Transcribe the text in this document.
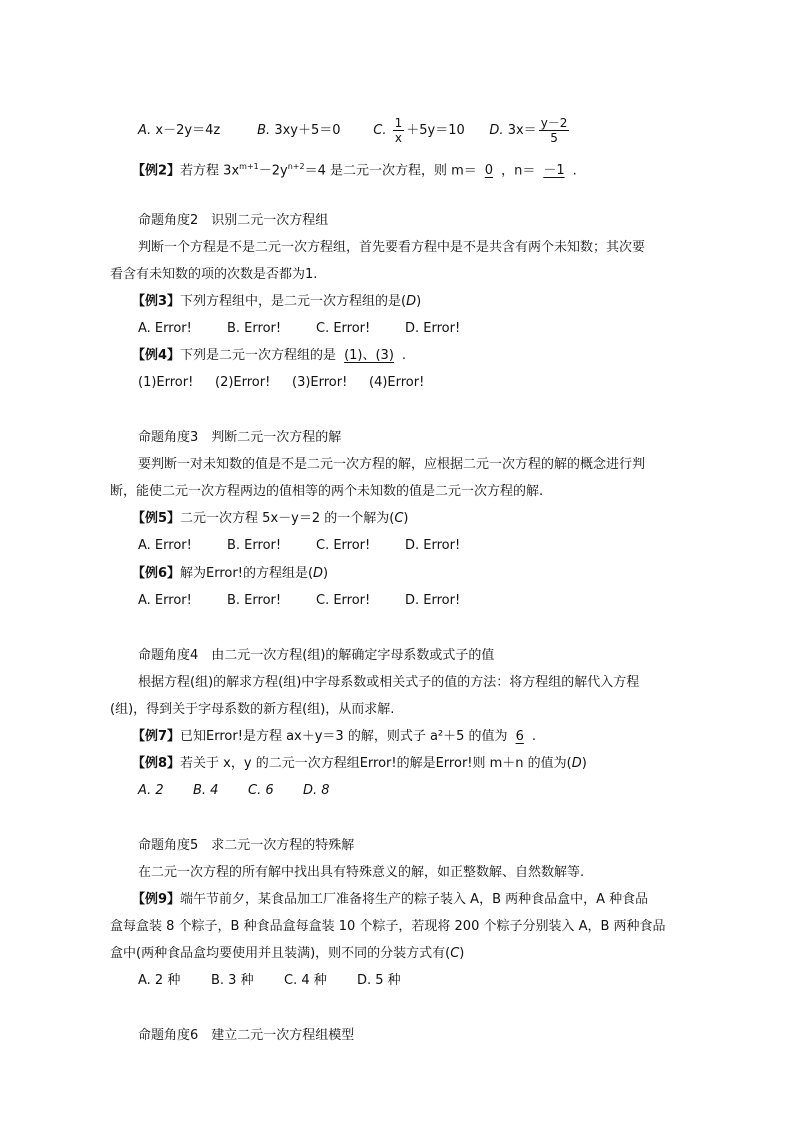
A. x－2y＝4z	B. 3xy＋5＝0	C. $\frac{1}{x} +5y=10$ D. $3x= \frac{y-2}{5}$
【例2】若方程 $3x^{m+1}-2y^{n+2}=4$ 是二元一次方程，则 m＝ 0 ，n＝ －1 .
命题角度2　识别二元一次方程组
判断一个方程是不是二元一次方程组，首先要看方程中是不是共含有两个未知数；其次要
看含有未知数的项的次数是否都为1.
【例3】下列方程组中，是二元一次方程组的是(D)
A. Error!	B. Error!	C. Error!	D. Error!
【例4】下列是二元一次方程组的是 (1)、(3) .
(1)Error! (2)Error! (3)Error! (4)Error!
命题角度3　判断二元一次方程的解
要判断一对未知数的值是不是二元一次方程的解，应根据二元一次方程的解的概念进行判
断，能使二元一次方程两边的值相等的两个未知数的值是二元一次方程的解.
【例5】二元一次方程 5x－y＝2 的一个解为(C)
A. Error!	B. Error!	C. Error!	D. Error!
【例6】解为Error!的方程组是(D)
A. Error!	B. Error!	C. Error!	D. Error!
命题角度4　由二元一次方程(组)的解确定字母系数或式子的值
根据方程(组)的解求方程(组)中字母系数或相关式子的值的方法：将方程组的解代入方程
(组)，得到关于字母系数的新方程(组)，从而求解.
【例7】已知Error!是方程 ax＋y＝3 的解，则式子 a²＋5 的值为 6 .
【例8】若关于 x，y 的二元一次方程组Error!的解是Error!则 m＋n 的值为(D)
A. 2 B. 4 C. 6 D. 8
命题角度5　求二元一次方程的特殊解
在二元一次方程的所有解中找出具有特殊意义的解，如正整数解、自然数解等.
【例9】端午节前夕，某食品加工厂准备将生产的粽子装入 A，B 两种食品盒中，A 种食品
盒每盒装 8 个粽子，B 种食品盒每盒装 10 个粽子，若现将 200 个粽子分别装入 A，B 两种食品
盒中(两种食品盒均要使用并且装满)，则不同的分装方式有(C)
A. 2 种 B. 3 种 C. 4 种 D. 5 种
命题角度6　建立二元一次方程组模型
